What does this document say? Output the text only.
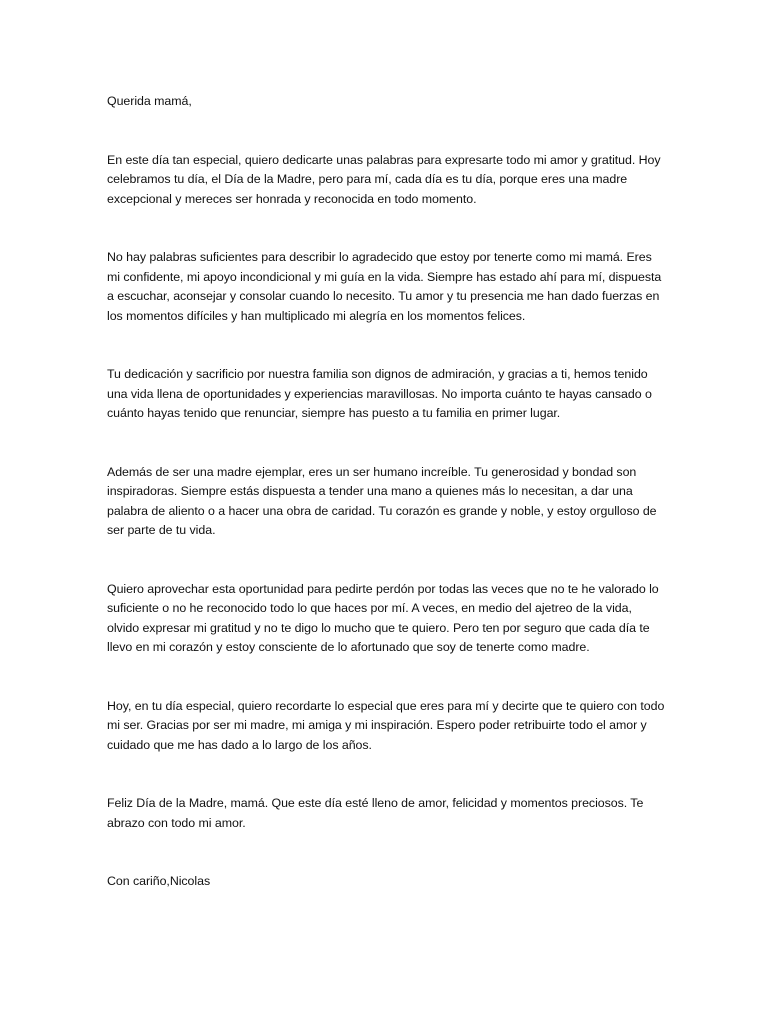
Querida mamá,

En este día tan especial, quiero dedicarte unas palabras para expresarte todo mi amor y gratitud. Hoy celebramos tu día, el Día de la Madre, pero para mí, cada día es tu día, porque eres una madre excepcional y mereces ser honrada y reconocida en todo momento.

No hay palabras suficientes para describir lo agradecido que estoy por tenerte como mi mamá. Eres mi confidente, mi apoyo incondicional y mi guía en la vida. Siempre has estado ahí para mí, dispuesta a escuchar, aconsejar y consolar cuando lo necesito. Tu amor y tu presencia me han dado fuerzas en los momentos difíciles y han multiplicado mi alegría en los momentos felices.

Tu dedicación y sacrificio por nuestra familia son dignos de admiración, y gracias a ti, hemos tenido una vida llena de oportunidades y experiencias maravillosas. No importa cuánto te hayas cansado o cuánto hayas tenido que renunciar, siempre has puesto a tu familia en primer lugar.

Además de ser una madre ejemplar, eres un ser humano increíble. Tu generosidad y bondad son inspiradoras. Siempre estás dispuesta a tender una mano a quienes más lo necesitan, a dar una palabra de aliento o a hacer una obra de caridad. Tu corazón es grande y noble, y estoy orgulloso de ser parte de tu vida.

Quiero aprovechar esta oportunidad para pedirte perdón por todas las veces que no te he valorado lo suficiente o no he reconocido todo lo que haces por mí. A veces, en medio del ajetreo de la vida, olvido expresar mi gratitud y no te digo lo mucho que te quiero. Pero ten por seguro que cada día te llevo en mi corazón y estoy consciente de lo afortunado que soy de tenerte como madre.

Hoy, en tu día especial, quiero recordarte lo especial que eres para mí y decirte que te quiero con todo mi ser. Gracias por ser mi madre, mi amiga y mi inspiración. Espero poder retribuirte todo el amor y cuidado que me has dado a lo largo de los años.

Feliz Día de la Madre, mamá. Que este día esté lleno de amor, felicidad y momentos preciosos. Te abrazo con todo mi amor.

Con cariño,Nicolas
